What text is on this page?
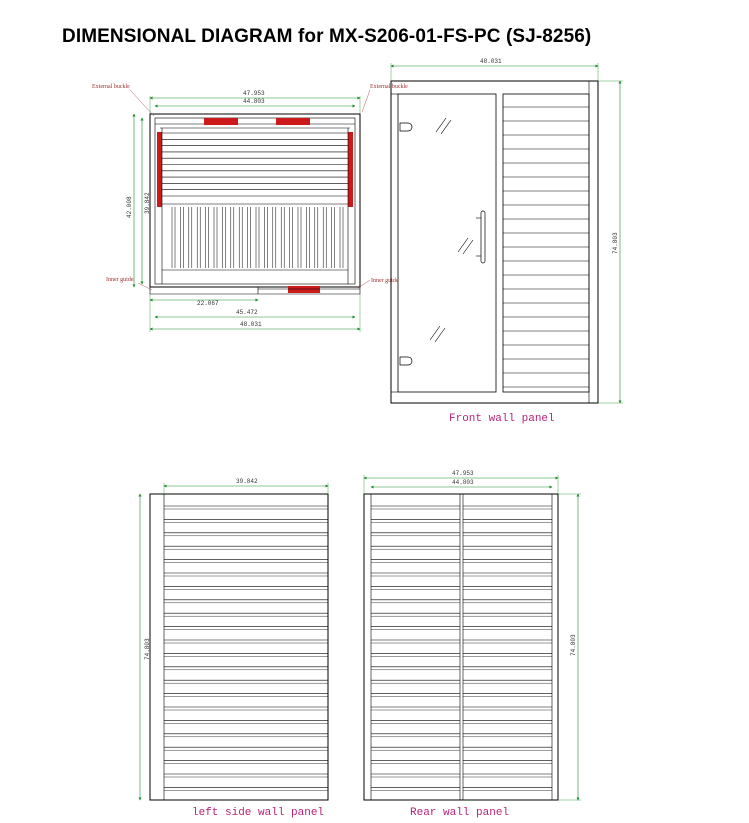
DIMENSIONAL DIAGRAM for MX-S206-01-FS-PC (SJ-8256)
External buckle
Inner guide
47.953
44.803
42.008 39.842
22.067
45.472
48.031
External buckle
Inner guide
48.031
74.803
Front wall panel
39.842
74.803
left side wall panel
47.953
44.803
74.803
Rear wall panel
